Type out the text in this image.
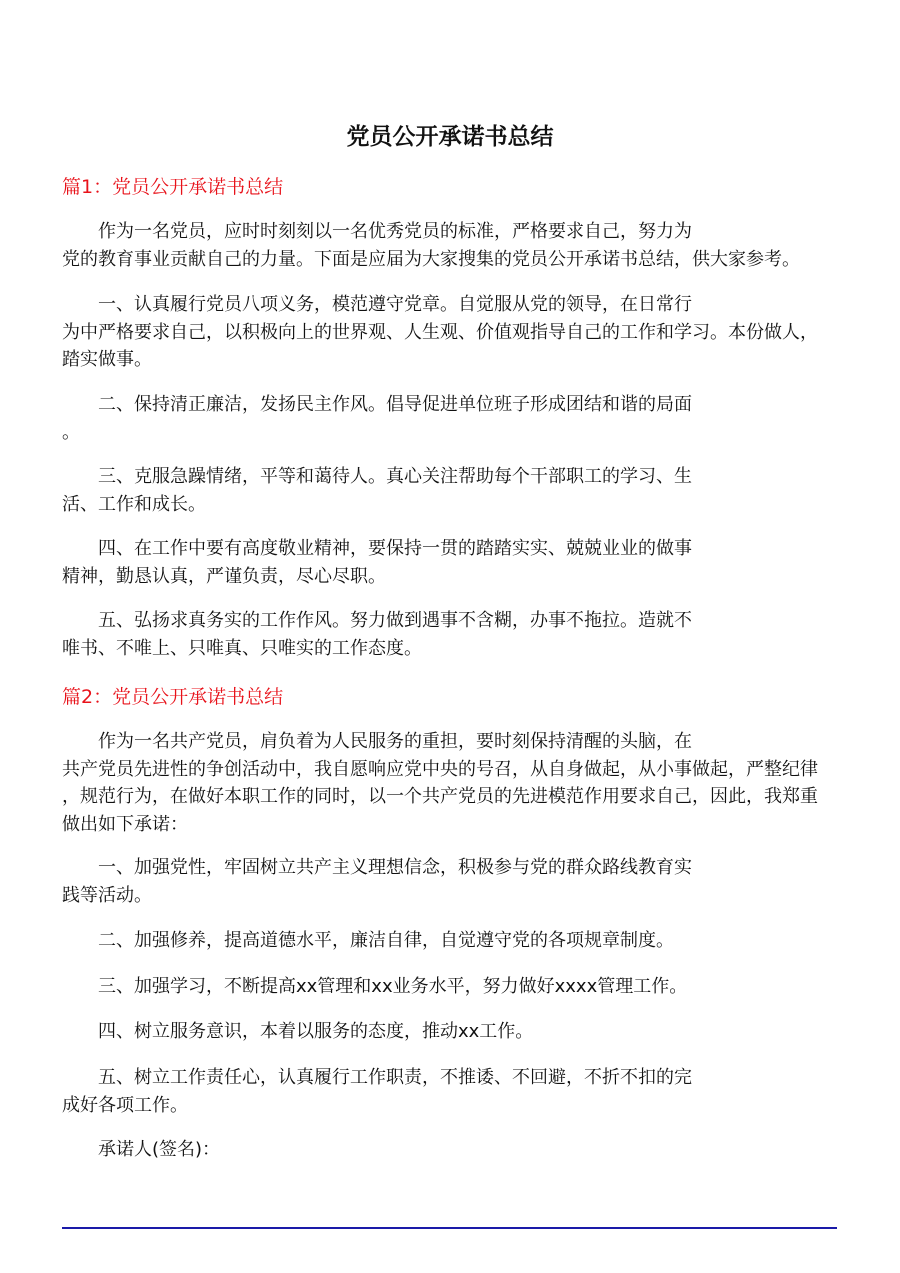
党员公开承诺书总结
篇1：党员公开承诺书总结
篇2：党员公开承诺书总结
作为一名党员，应时时刻刻以一名优秀党员的标准，严格要求自己，努力为
党的教育事业贡献自己的力量。下面是应届为大家搜集的党员公开承诺书总结，供大家参考。
一、认真履行党员八项义务，模范遵守党章。自觉服从党的领导，在日常行
为中严格要求自己，以积极向上的世界观、人生观、价值观指导自己的工作和学习。本份做人，
踏实做事。
二、保持清正廉洁，发扬民主作风。倡导促进单位班子形成团结和谐的局面
。
三、克服急躁情绪，平等和蔼待人。真心关注帮助每个干部职工的学习、生
活、工作和成长。
四、在工作中要有高度敬业精神，要保持一贯的踏踏实实、兢兢业业的做事
精神，勤恳认真，严谨负责，尽心尽职。
五、弘扬求真务实的工作作风。努力做到遇事不含糊，办事不拖拉。造就不
唯书、不唯上、只唯真、只唯实的工作态度。
作为一名共产党员，肩负着为人民服务的重担，要时刻保持清醒的头脑，在
共产党员先进性的争创活动中，我自愿响应党中央的号召，从自身做起，从小事做起，严整纪律
，规范行为，在做好本职工作的同时，以一个共产党员的先进模范作用要求自己，因此，我郑重
做出如下承诺：
一、加强党性，牢固树立共产主义理想信念，积极参与党的群众路线教育实
践等活动。
二、加强修养，提高道德水平，廉洁自律，自觉遵守党的各项规章制度。
三、加强学习，不断提高xx管理和xx业务水平，努力做好xxxx管理工作。
四、树立服务意识，本着以服务的态度，推动xx工作。
五、树立工作责任心，认真履行工作职责，不推诿、不回避，不折不扣的完
成好各项工作。
承诺人(签名)：
